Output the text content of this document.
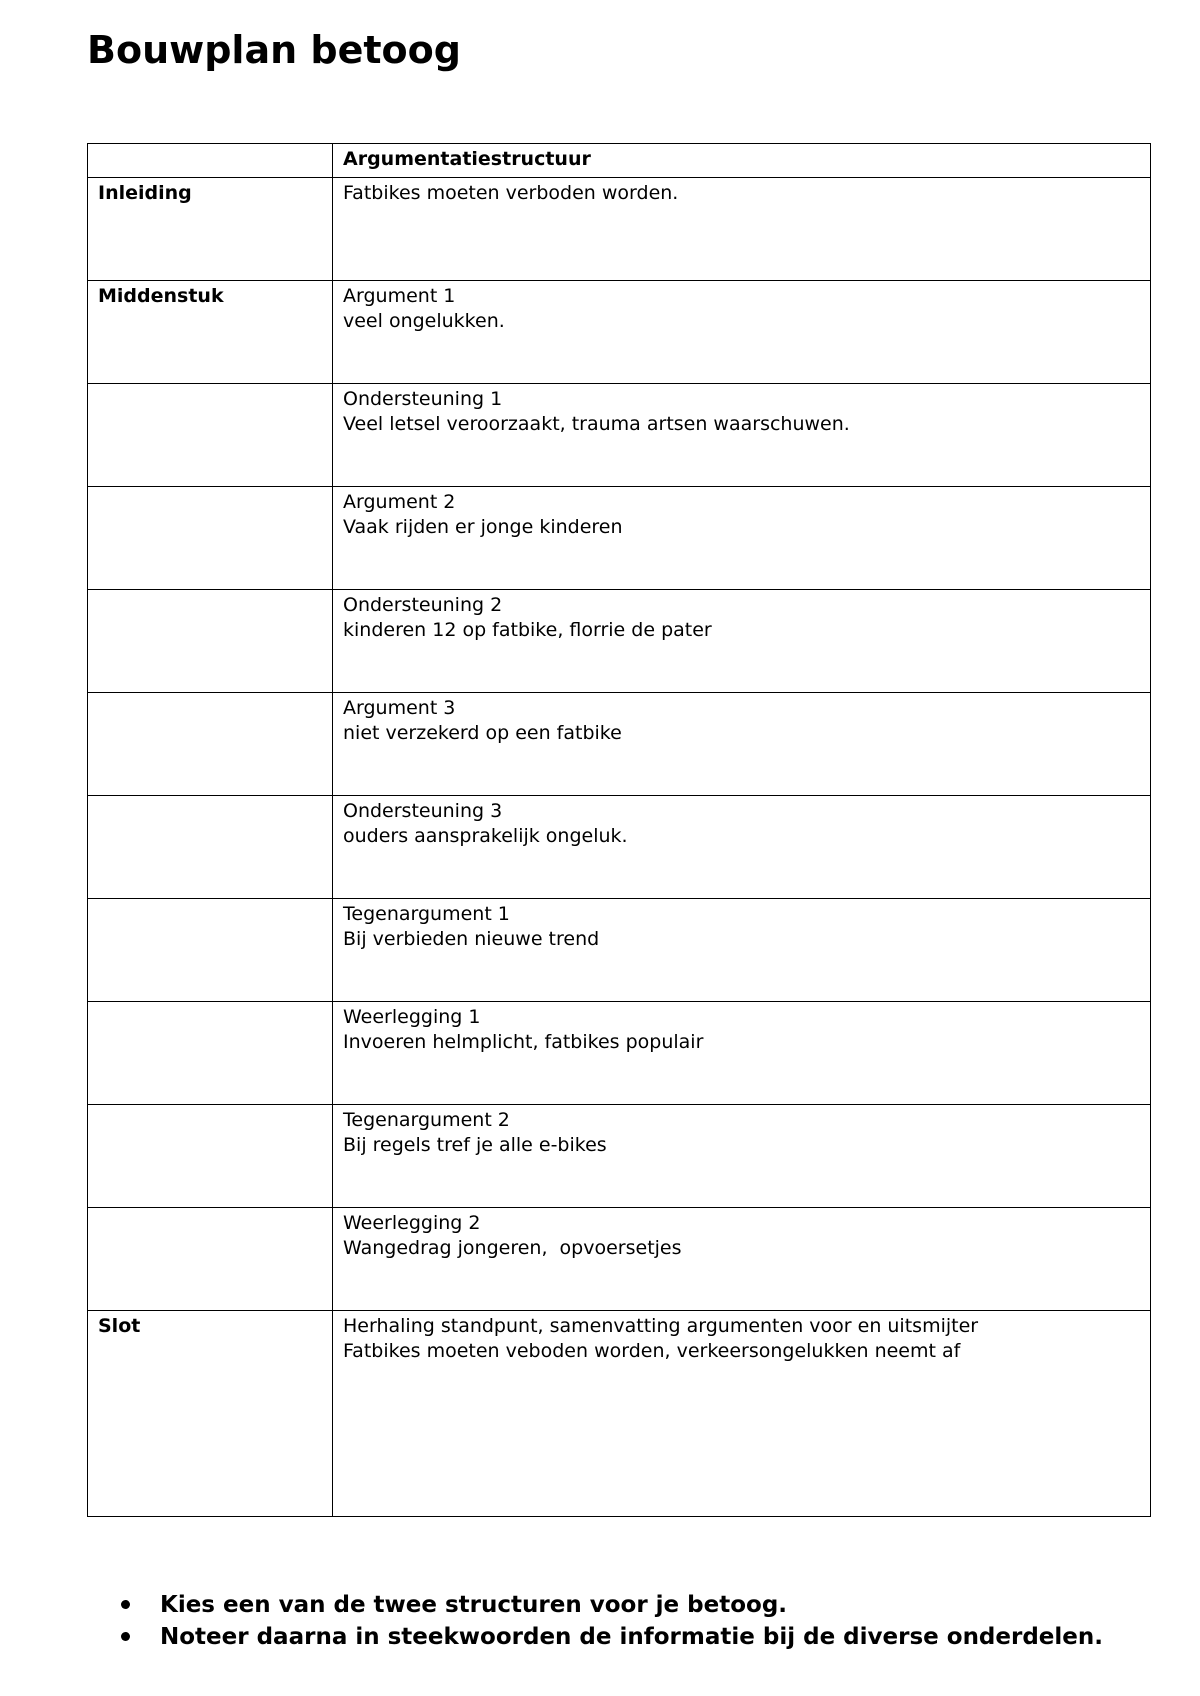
Bouwplan betoog

	Argumentatiestructuur

Inleiding	Fatbikes moeten verboden worden.

Middenstuk	Argument 1
veel ongelukken.

	Ondersteuning 1
Veel letsel veroorzaakt, trauma artsen waarschuwen.

	Argument 2
Vaak rijden er jonge kinderen

	Ondersteuning 2
kinderen 12 op fatbike, florrie de pater

	Argument 3
niet verzekerd op een fatbike

	Ondersteuning 3
ouders aansprakelijk ongeluk.

	Tegenargument 1
Bij verbieden nieuwe trend

	Weerlegging 1
Invoeren helmplicht, fatbikes populair

	Tegenargument 2
Bij regels tref je alle e-bikes

	Weerlegging 2
Wangedrag jongeren,  opvoersetjes

Slot	Herhaling standpunt, samenvatting argumenten voor en uitsmijter
Fatbikes moeten veboden worden, verkeersongelukken neemt af
Kies een van de twee structuren voor je betoog.
Noteer daarna in steekwoorden de informatie bij de diverse onderdelen.
